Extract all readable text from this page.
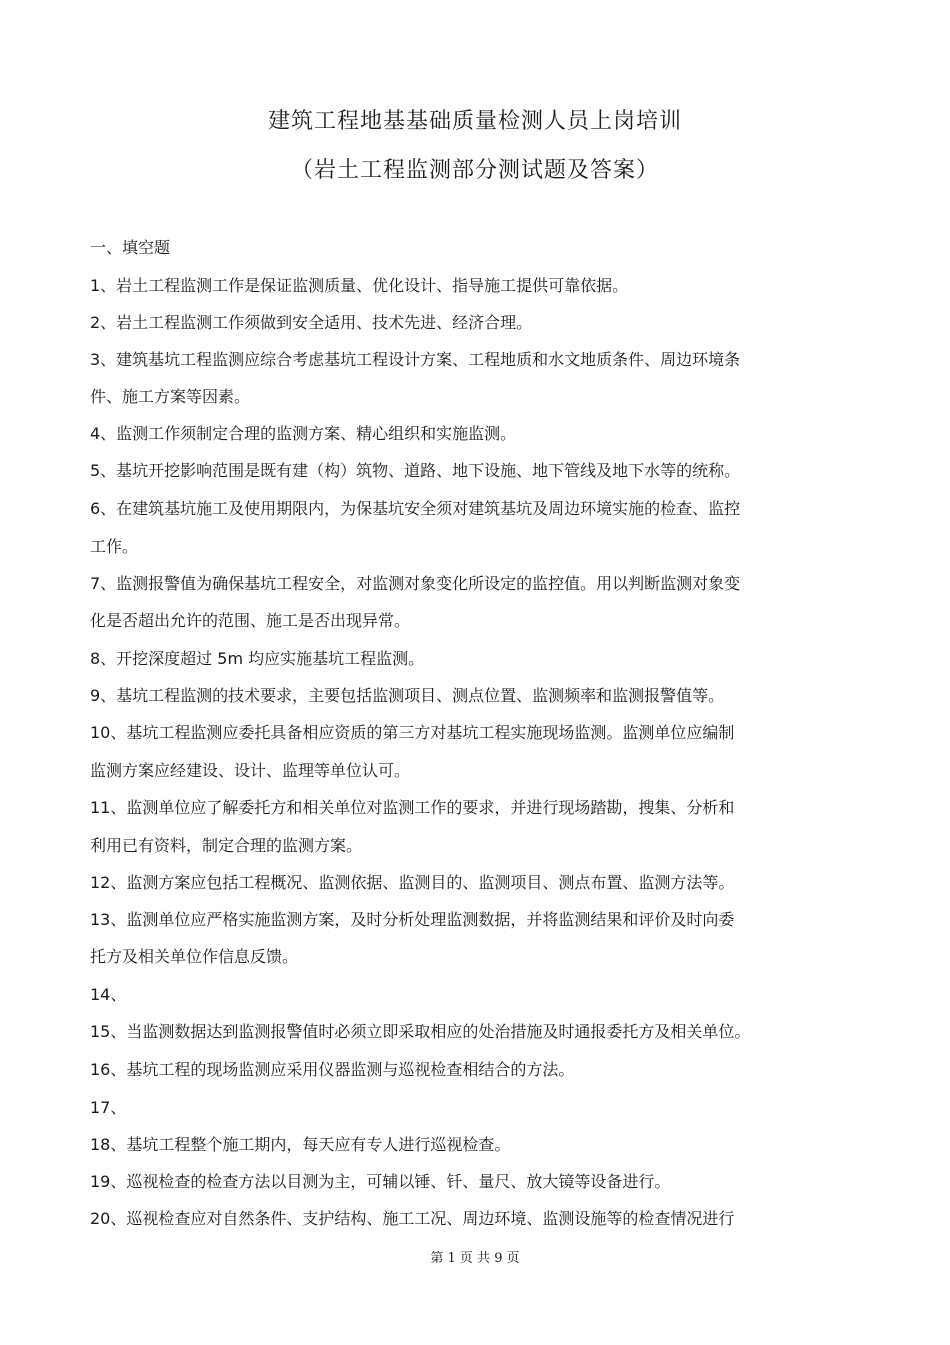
建筑工程地基基础质量检测人员上岗培训
（岩土工程监测部分测试题及答案）
一、填空题
1、岩土工程监测工作是保证监测质量、优化设计、指导施工提供可靠依据。
2、岩土工程监测工作须做到安全适用、技术先进、经济合理。
3、建筑基坑工程监测应综合考虑基坑工程设计方案、工程地质和水文地质条件、周边环境条
件、施工方案等因素。
4、监测工作须制定合理的监测方案、精心组织和实施监测。
5、基坑开挖影响范围是既有建（构）筑物、道路、地下设施、地下管线及地下水等的统称。
6、在建筑基坑施工及使用期限内，为保基坑安全须对建筑基坑及周边环境实施的检查、监控
工作。
7、监测报警值为确保基坑工程安全，对监测对象变化所设定的监控值。用以判断监测对象变
化是否超出允许的范围、施工是否出现异常。
8、开挖深度超过 5m 均应实施基坑工程监测。
9、基坑工程监测的技术要求，主要包括监测项目、测点位置、监测频率和监测报警值等。
10、基坑工程监测应委托具备相应资质的第三方对基坑工程实施现场监测。监测单位应编制
监测方案应经建设、设计、监理等单位认可。
11、监测单位应了解委托方和相关单位对监测工作的要求，并进行现场踏勘，搜集、分析和
利用已有资料，制定合理的监测方案。
12、监测方案应包括工程概况、监测依据、监测目的、监测项目、测点布置、监测方法等。
13、监测单位应严格实施监测方案，及时分析处理监测数据，并将监测结果和评价及时向委
托方及相关单位作信息反馈。
14、
15、当监测数据达到监测报警值时必须立即采取相应的处治措施及时通报委托方及相关单位。
16、基坑工程的现场监测应采用仪器监测与巡视检查相结合的方法。
17、
18、基坑工程整个施工期内，每天应有专人进行巡视检查。
19、巡视检查的检查方法以目测为主，可辅以锤、钎、量尺、放大镜等设备进行。
20、巡视检查应对自然条件、支护结构、施工工况、周边环境、监测设施等的检查情况进行
第 1 页 共 9 页
